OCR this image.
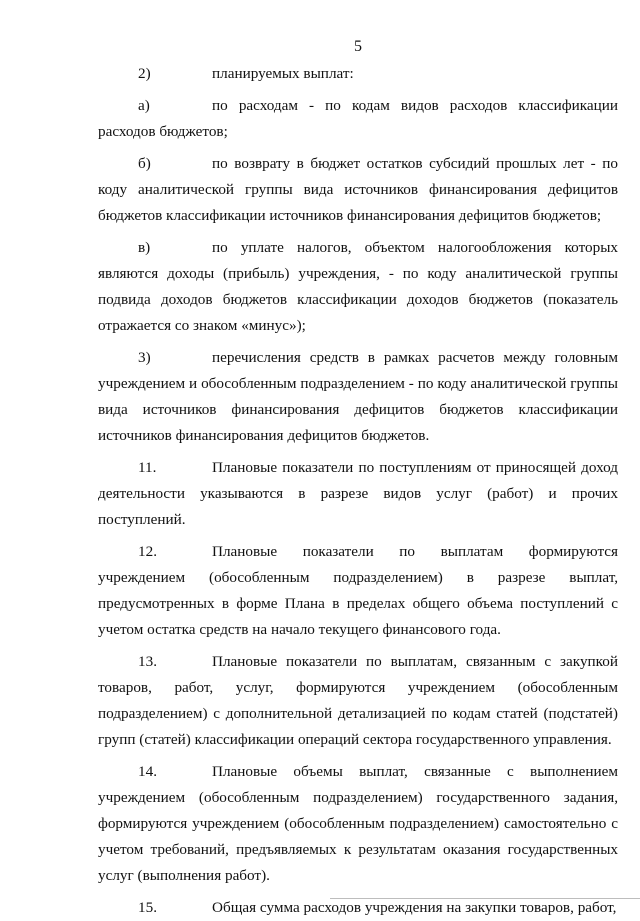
5

2)	планируемых выплат:

а)	по расходам - по кодам видов расходов классификации расходов бюджетов;

б)	по возврату в бюджет остатков субсидий прошлых лет - по коду аналитической группы вида источников финансирования дефицитов бюджетов классификации источников финансирования дефицитов бюджетов;

в)	по уплате налогов, объектом налогообложения которых являются доходы (прибыль) учреждения, - по коду аналитической группы подвида доходов бюджетов классификации доходов бюджетов (показатель отражается со знаком «минус»);

3)	перечисления средств в рамках расчетов между головным учреждением и обособленным подразделением - по коду аналитической группы вида источников финансирования дефицитов бюджетов классификации источников финансирования дефицитов бюджетов.

11.	Плановые показатели по поступлениям от приносящей доход деятельности указываются в разрезе видов услуг (работ) и прочих поступлений.

12.	Плановые показатели по выплатам формируются учреждением (обособленным подразделением) в разрезе выплат, предусмотренных в форме Плана в пределах общего объема поступлений с учетом остатка средств на начало текущего финансового года.

13.	Плановые показатели по выплатам, связанным с закупкой товаров, работ, услуг, формируются учреждением (обособленным подразделением) с дополнительной детализацией по кодам статей (подстатей) групп (статей) классификации операций сектора государственного управления.

14.	Плановые объемы выплат, связанные с выполнением учреждением (обособленным подразделением) государственного задания, формируются учреждением (обособленным подразделением) самостоятельно с учетом требований, предъявляемых к результатам оказания государственных услуг (выполнения работ).

15.	Общая сумма расходов учреждения на закупки товаров, работ,
